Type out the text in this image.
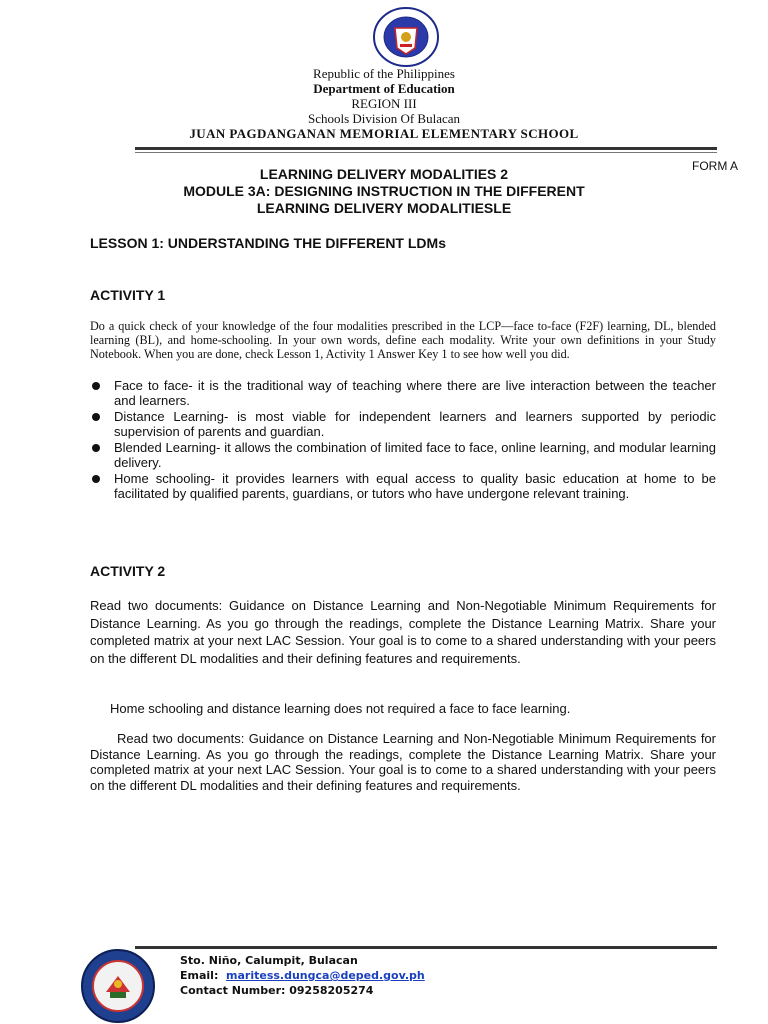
Republic of the Philippines
Department of Education
REGION III
Schools Division Of Bulacan
JUAN PAGDANGANAN MEMORIAL ELEMENTARY SCHOOL
FORM A
LEARNING DELIVERY MODALITIES 2
MODULE 3A: DESIGNING INSTRUCTION IN THE DIFFERENT
LEARNING DELIVERY MODALITIESLE
LESSON 1: UNDERSTANDING THE DIFFERENT LDMs
ACTIVITY 1
Do a quick check of your knowledge of the four modalities prescribed in the LCP—face to-face (F2F) learning, DL, blended learning (BL), and home-schooling. In your own words, define each modality. Write your own definitions in your Study Notebook. When you are done, check Lesson 1, Activity 1 Answer Key 1 to see how well you did.
Face to face- it is the traditional way of teaching where there are live interaction between the teacher and learners.
Distance Learning- is most viable for independent learners and learners supported by periodic supervision of parents and guardian.
Blended Learning- it allows the combination of limited face to face, online learning, and modular learning delivery.
Home schooling- it provides learners with equal access to quality basic education at home to be facilitated by qualified parents, guardians, or tutors who have undergone relevant training.
ACTIVITY 2
Read two documents: Guidance on Distance Learning and Non-Negotiable Minimum Requirements for Distance Learning. As you go through the readings, complete the Distance Learning Matrix. Share your completed matrix at your next LAC Session. Your goal is to come to a shared understanding with your peers on the different DL modalities and their defining features and requirements.
Home schooling and distance learning does not required a face to face learning.
Read two documents: Guidance on Distance Learning and Non-Negotiable Minimum Requirements for Distance Learning. As you go through the readings, complete the Distance Learning Matrix. Share your completed matrix at your next LAC Session. Your goal is to come to a shared understanding with your peers on the different DL modalities and their defining features and requirements.
Sto. Niño, Calumpit, Bulacan
Email: maritess.dungca@deped.gov.ph
Contact Number: 09258205274
